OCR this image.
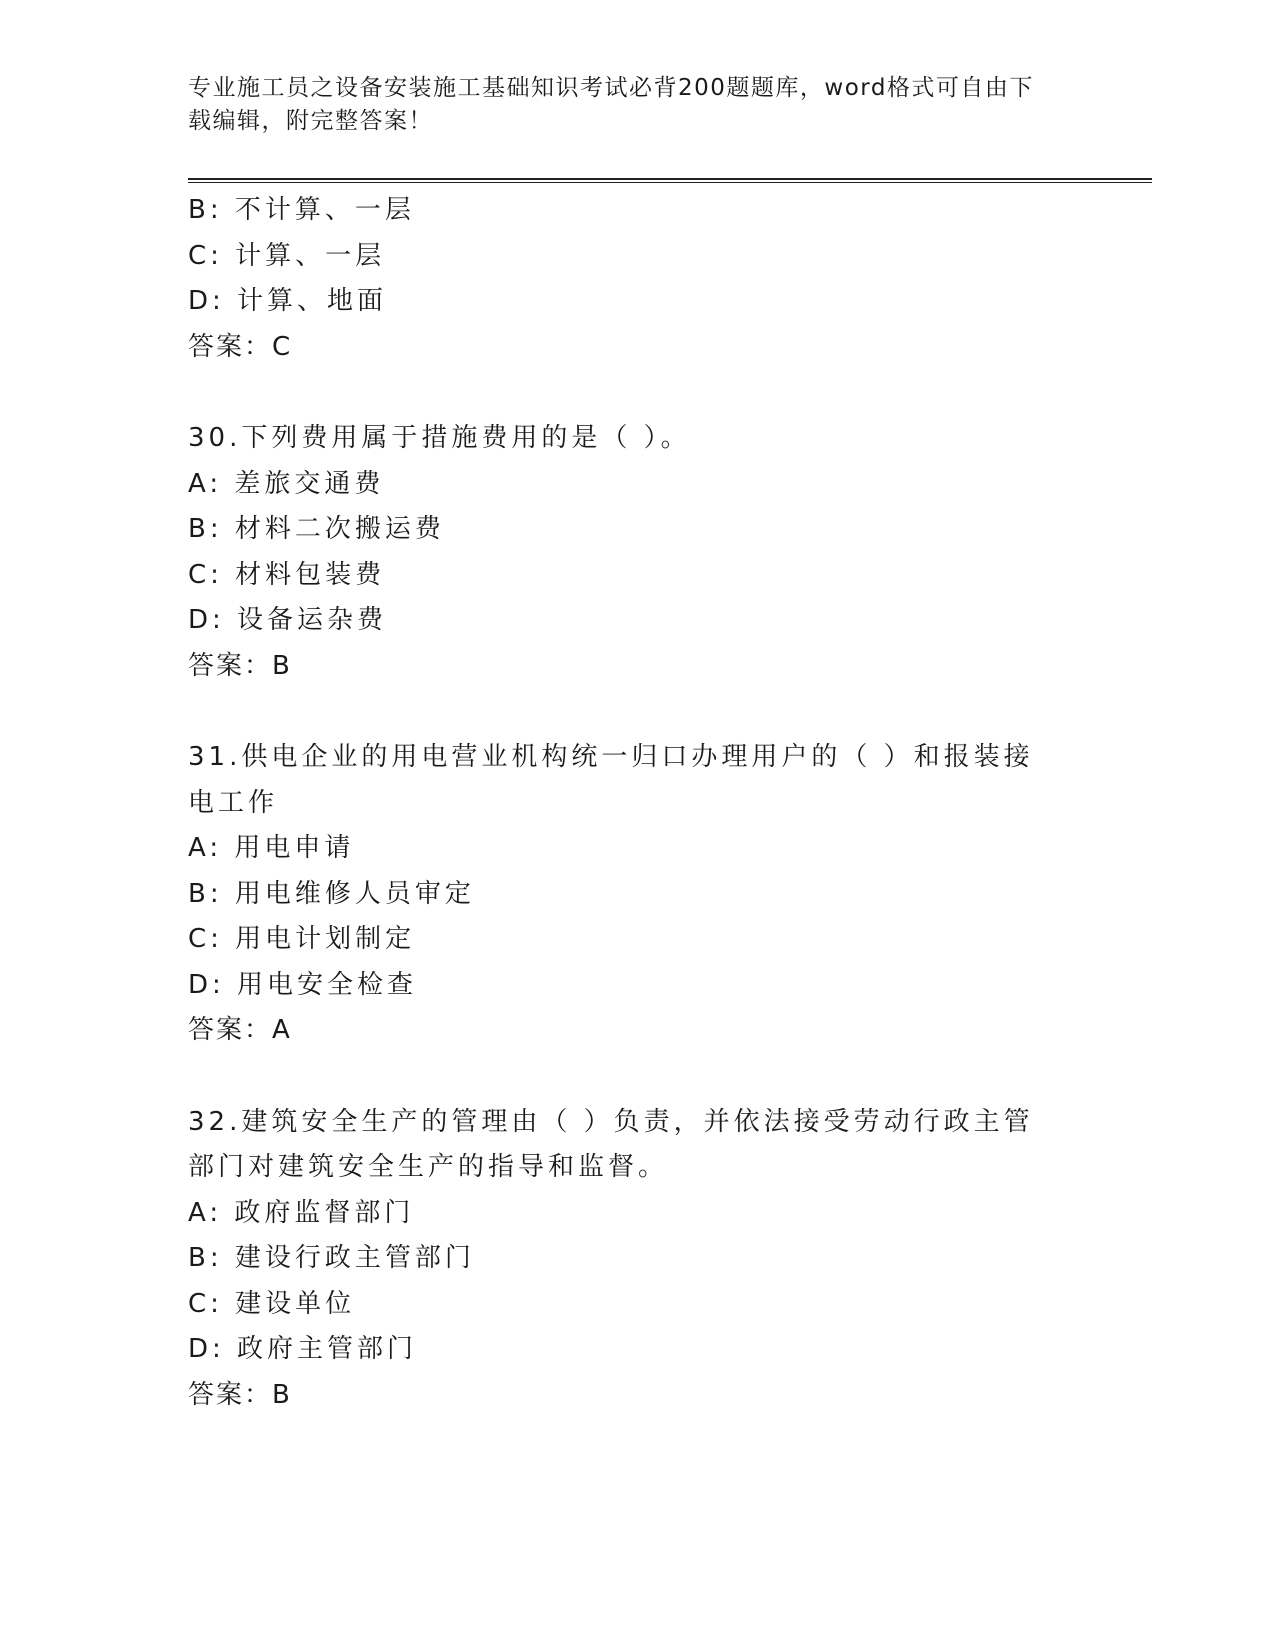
专业施工员之设备安装施工基础知识考试必背200题题库，word格式可自由下载编辑，附完整答案！
B: 不计算、一层
C: 计算、一层
D: 计算、地面
答案：C
30.下列费用属于措施费用的是（ ）。
A: 差旅交通费
B: 材料二次搬运费
C: 材料包装费
D: 设备运杂费
答案：B
31.供电企业的用电营业机构统一归口办理用户的（ ）和报装接电工作
A: 用电申请
B: 用电维修人员审定
C: 用电计划制定
D: 用电安全检查
答案：A
32.建筑安全生产的管理由（ ）负责，并依法接受劳动行政主管部门对建筑安全生产的指导和监督。
A: 政府监督部门
B: 建设行政主管部门
C: 建设单位
D: 政府主管部门
答案：B
